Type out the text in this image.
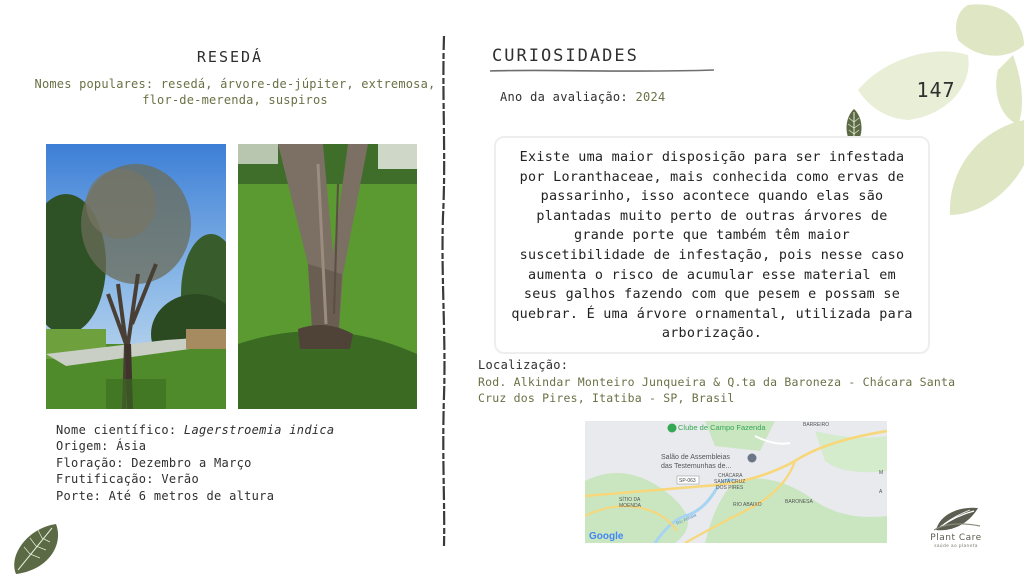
RESEDÁ
Nomes populares: resedá, árvore-de-júpiter, extremosa, flor-de-merenda, suspiros
Nome científico: Lagerstroemia indica
Origem: Ásia
Floração: Dezembro a Março
Frutificação: Verão
Porte: Até 6 metros de altura
CURIOSIDADES
Ano da avaliação: 2024

Existe uma maior disposição para ser infestada por Loranthaceae, mais conhecida como ervas de passarinho, isso acontece quando elas são plantadas muito perto de outras árvores de grande porte que também têm maior suscetibilidade de infestação, pois nesse caso aumenta o risco de acumular esse material em seus galhos fazendo com que pesem e possam se quebrar. É uma árvore ornamental, utilizada para arborização.

Localização:
Rod. Alkindar Monteiro Junqueira & Q.ta da Baroneza - Chácara Santa Cruz dos Pires, Itatiba - SP, Brasil
Clube de Campo Fazenda	BARREIRO
Salão de Assembleias
das Testemunhas de...
SP-063
CHÁCARA
SANTA CRUZ
DOS PIRES
SÍTIO DA
MOENDA	RIO ABAIXO	BARONESA
Rio Atibaia
M
A
Google
147
Plant Care
saúde ao planeta
